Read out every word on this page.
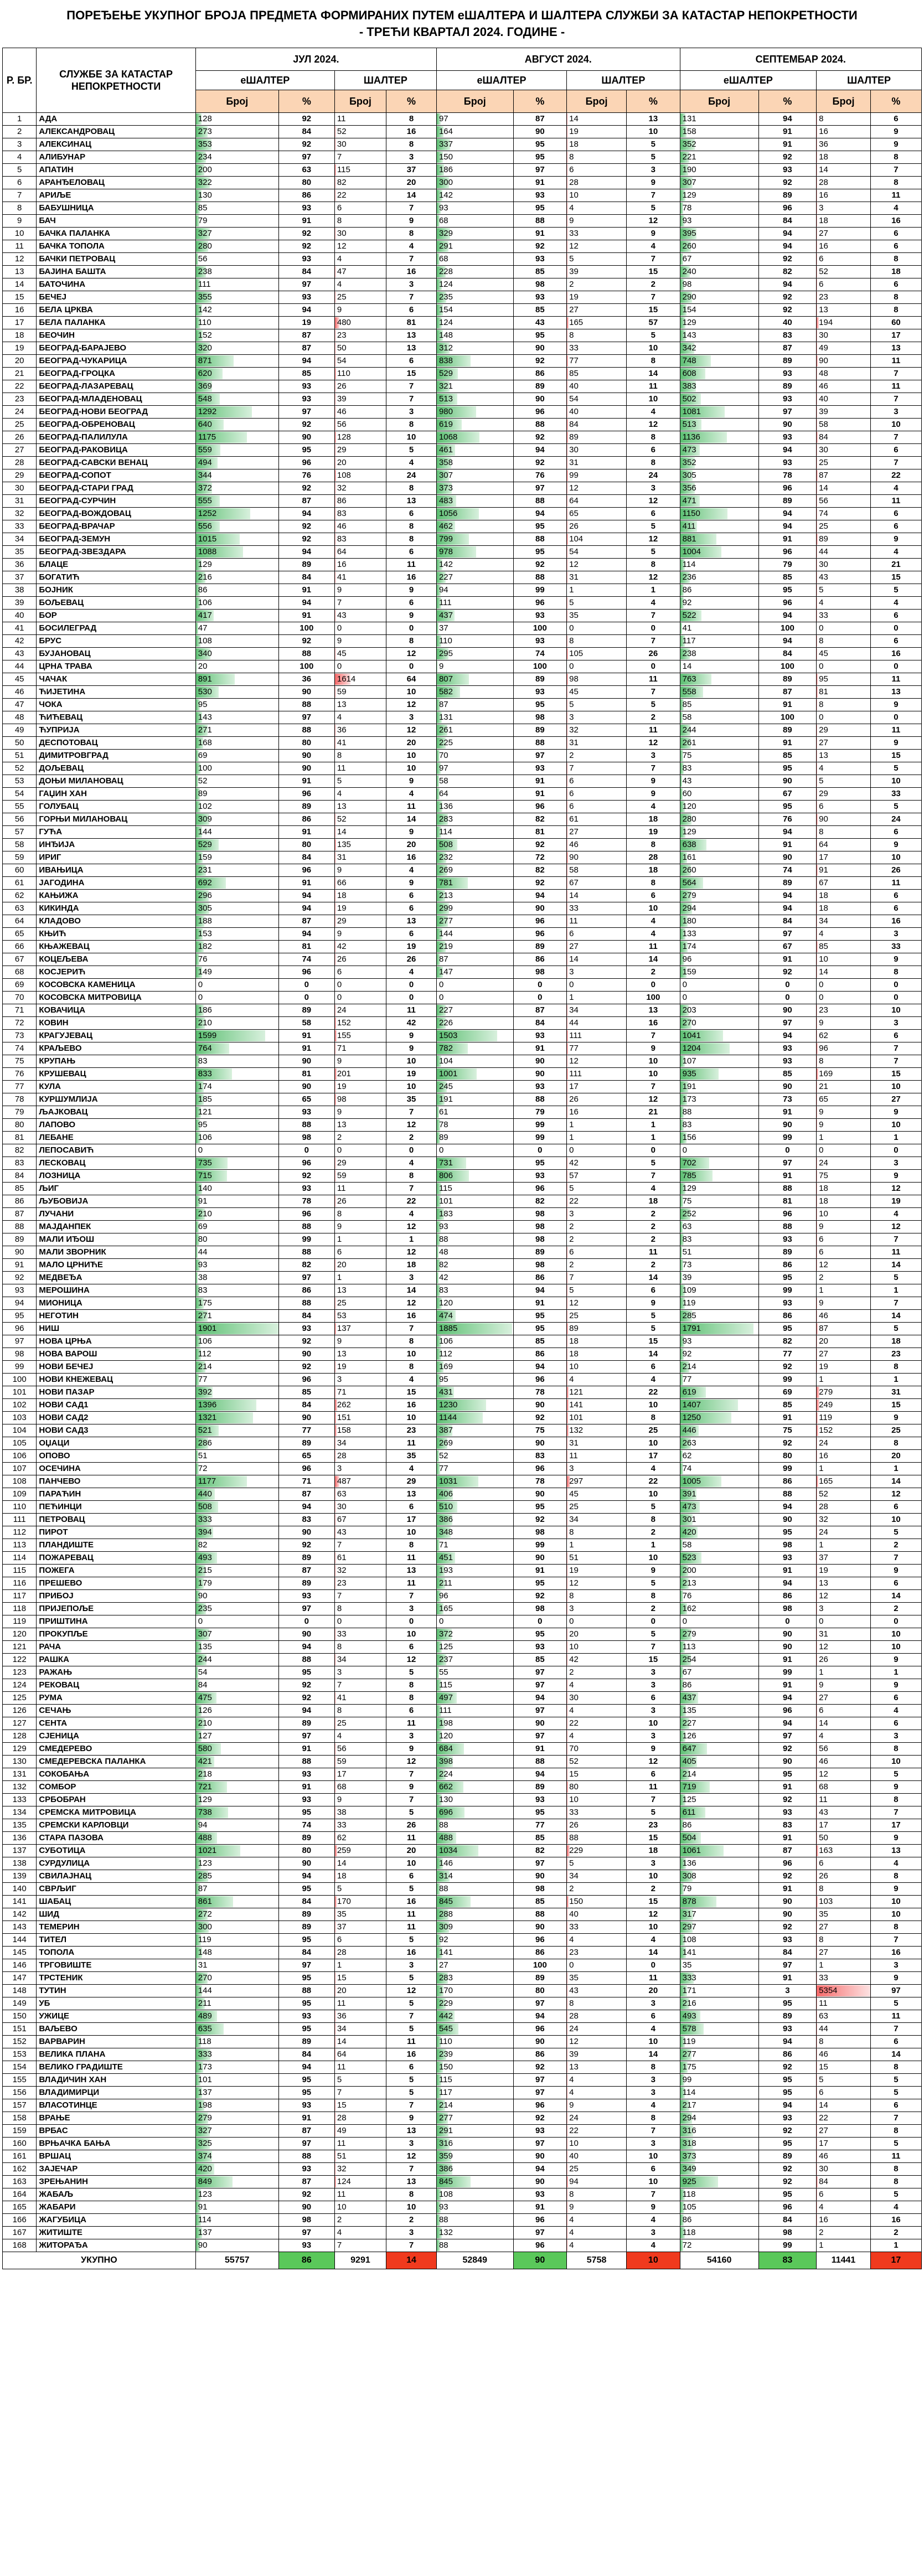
ПОРЕЂЕЊЕ УКУПНОГ БРОЈА ПРЕДМЕТА ФОРМИРАНИХ ПУТЕМ еШАЛТЕРА И ШАЛТЕРА СЛУЖБИ ЗА КАТАСТАР НЕПОКРЕТНОСТИ
- ТРЕЋИ КВАРТАЛ 2024. ГОДИНЕ -
Р. БР.	СЛУЖБЕ ЗА КАТАСТАР НЕПОКРЕТНОСТИ	ЈУЛ 2024.				АВГУСТ 2024.				СЕПТЕМБАР 2024.			
		еШАЛТЕР		ШАЛТЕР		еШАЛТЕР		ШАЛТЕР		еШАЛТЕР		ШАЛТЕР	
		Број	%	Број	%	Број	%	Број	%	Број	%	Број	%
1	АДА	128	92	11	8	97	87	14	13	131	94	8	6
2	АЛЕКСАНДРОВАЦ	273	84	52	16	164	90	19	10	158	91	16	9
3	АЛЕКСИНАЦ	353	92	30	8	337	95	18	5	352	91	36	9
4	АЛИБУНАР	234	97	7	3	150	95	8	5	221	92	18	8
5	АПАТИН	200	63	115	37	186	97	6	3	190	93	14	7
6	АРАНЂЕЛОВАЦ	322	80	82	20	300	91	28	9	307	92	28	8
7	АРИЉЕ	130	86	22	14	142	93	10	7	129	89	16	11
8	БАБУШНИЦА	85	93	6	7	93	95	4	5	78	96	3	4
9	БАЧ	79	91	8	9	68	88	9	12	93	84	18	16
10	БАЧКА ПАЛАНКА	327	92	30	8	329	91	33	9	395	94	27	6
11	БАЧКА ТОПОЛА	280	92	12	4	291	92	12	4	260	94	16	6
12	БАЧКИ ПЕТРОВАЦ	56	93	4	7	68	93	5	7	67	92	6	8
13	БАЈИНА БАШТА	238	84	47	16	228	85	39	15	240	82	52	18
14	БАТОЧИНА	111	97	4	3	124	98	2	2	98	94	6	6
15	БЕЧЕЈ	355	93	25	7	235	93	19	7	290	92	23	8
16	БЕЛА ЦРКВА	142	94	9	6	154	85	27	15	154	92	13	8
17	БЕЛА ПАЛАНКА	110	19	480	81	124	43	165	57	129	40	194	60
18	БЕОЧИН	152	87	23	13	148	95	8	5	143	83	30	17
19	БЕОГРАД-БАРАЈЕВО	320	87	50	13	312	90	33	10	342	87	49	13
20	БЕОГРАД-ЧУКАРИЦА	871	94	54	6	838	92	77	8	748	89	90	11
21	БЕОГРАД-ГРОЦКА	620	85	110	15	529	86	85	14	608	93	48	7
22	БЕОГРАД-ЛАЗАРЕВАЦ	369	93	26	7	321	89	40	11	383	89	46	11
23	БЕОГРАД-МЛАДЕНОВАЦ	548	93	39	7	513	90	54	10	502	93	40	7
24	БЕОГРАД-НОВИ БЕОГРАД	1292	97	46	3	980	96	40	4	1081	97	39	3
25	БЕОГРАД-ОБРЕНОВАЦ	640	92	56	8	619	88	84	12	513	90	58	10
26	БЕОГРАД-ПАЛИЛУЛА	1175	90	128	10	1068	92	89	8	1136	93	84	7
27	БЕОГРАД-РАКОВИЦА	559	95	29	5	461	94	30	6	473	94	30	6
28	БЕОГРАД-САВСКИ ВЕНАЦ	494	96	20	4	358	92	31	8	352	93	25	7
29	БЕОГРАД-СОПОТ	344	76	108	24	307	76	99	24	305	78	87	22
30	БЕОГРАД-СТАРИ ГРАД	372	92	32	8	373	97	12	3	356	96	14	4
31	БЕОГРАД-СУРЧИН	555	87	86	13	483	88	64	12	471	89	56	11
32	БЕОГРАД-ВОЖДОВАЦ	1252	94	83	6	1056	94	65	6	1150	94	74	6
33	БЕОГРАД-ВРАЧАР	556	92	46	8	462	95	26	5	411	94	25	6
34	БЕОГРАД-ЗЕМУН	1015	92	83	8	799	88	104	12	881	91	89	9
35	БЕОГРАД-ЗВЕЗДАРА	1088	94	64	6	978	95	54	5	1004	96	44	4
36	БЛАЦЕ	129	89	16	11	142	92	12	8	114	79	30	21
37	БОГАТИЋ	216	84	41	16	227	88	31	12	236	85	43	15
38	БОЈНИК	86	91	9	9	94	99	1	1	86	95	5	5
39	БОЉЕВАЦ	106	94	7	6	111	96	5	4	92	96	4	4
40	БОР	417	91	43	9	437	93	35	7	522	94	33	6
41	БОСИЛЕГРАД	47	100	0	0	37	100	0	0	41	100	0	0
42	БРУС	108	92	9	8	110	93	8	7	117	94	8	6
43	БУЈАНОВАЦ	340	88	45	12	295	74	105	26	238	84	45	16
44	ЦРНА ТРАВА	20	100	0	0	9	100	0	0	14	100	0	0
45	ЧАЧАК	891	36	1614	64	807	89	98	11	763	89	95	11
46	ЋИЈЕТИНА	530	90	59	10	582	93	45	7	558	87	81	13
47	ЧОКА	95	88	13	12	87	95	5	5	85	91	8	9
48	ЋИЋЕВАЦ	143	97	4	3	131	98	3	2	58	100	0	0
49	ЋУПРИЈА	271	88	36	12	261	89	32	11	244	89	29	11
50	ДЕСПОТОВАЦ	168	80	41	20	225	88	31	12	261	91	27	9
51	ДИМИТРОВГРАД	69	90	8	10	70	97	2	3	75	85	13	15
52	ДОЉЕВАЦ	100	90	11	10	97	93	7	7	83	95	4	5
53	ДОЊИ МИЛАНОВАЦ	52	91	5	9	58	91	6	9	43	90	5	10
54	ГАЏИН ХАН	89	96	4	4	64	91	6	9	60	67	29	33
55	ГОЛУБАЦ	102	89	13	11	136	96	6	4	120	95	6	5
56	ГОРЊИ МИЛАНОВАЦ	309	86	52	14	283	82	61	18	280	76	90	24
57	ГУЋА	144	91	14	9	114	81	27	19	129	94	8	6
58	ИНЂИЈА	529	80	135	20	508	92	46	8	638	91	64	9
59	ИРИГ	159	84	31	16	232	72	90	28	161	90	17	10
60	ИВАЊИЦА	231	96	9	4	269	82	58	18	260	74	91	26
61	ЈАГОДИНА	692	91	66	9	781	92	67	8	564	89	67	11
62	КАЊИЖА	296	94	18	6	213	94	14	6	279	94	18	6
63	КИКИНДА	305	94	19	6	299	90	33	10	294	94	18	6
64	КЛАДОВО	188	87	29	13	277	96	11	4	180	84	34	16
65	КЊИЋ	153	94	9	6	144	96	6	4	133	97	4	3
66	КЊАЖЕВАЦ	182	81	42	19	219	89	27	11	174	67	85	33
67	КОЦЕЉЕВА	76	74	26	26	87	86	14	14	96	91	10	9
68	КОСЈЕРИЋ	149	96	6	4	147	98	3	2	159	92	14	8
69	КОСОВСКА КАМЕНИЦА	0	0	0	0	0	0	0	0	0	0	0	0
70	КОСОВСКА МИТРОВИЦА	0	0	0	0	0	0	1	100	0	0	0	0
71	КОВАЧИЦА	186	89	24	11	227	87	34	13	203	90	23	10
72	КОВИН	210	58	152	42	226	84	44	16	270	97	9	3
73	КРАГУЈЕВАЦ	1599	91	155	9	1503	93	111	7	1041	94	62	6
74	КРАЉЕВО	764	91	71	9	782	91	77	9	1204	93	96	7
75	КРУПАЊ	83	90	9	10	104	90	12	10	107	93	8	7
76	КРУШЕВАЦ	833	81	201	19	1001	90	111	10	935	85	169	15
77	КУЛА	174	90	19	10	245	93	17	7	191	90	21	10
78	КУРШУМЛИЈА	185	65	98	35	191	88	26	12	173	73	65	27
79	ЉАЈКОВАЦ	121	93	9	7	61	79	16	21	88	91	9	9
80	ЛАПОВО	95	88	13	12	78	99	1	1	83	90	9	10
81	ЛЕБАНЕ	106	98	2	2	89	99	1	1	156	99	1	1
82	ЛЕПОСАВИЋ	0	0	0	0	0	0	0	0	0	0	0	0
83	ЛЕСКОВАЦ	735	96	29	4	731	95	42	5	702	97	24	3
84	ЛОЗНИЦА	715	92	59	8	806	93	57	7	785	91	75	9
85	ЉИГ	140	93	11	7	115	96	5	4	129	88	18	12
86	ЉУБОВИЈА	91	78	26	22	101	82	22	18	75	81	18	19
87	ЛУЧАНИ	210	96	8	4	183	98	3	2	252	96	10	4
88	МАЈДАНПЕК	69	88	9	12	93	98	2	2	63	88	9	12
89	МАЛИ ИЂОШ	80	99	1	1	88	98	2	2	83	93	6	7
90	МАЛИ ЗВОРНИК	44	88	6	12	48	89	6	11	51	89	6	11
91	МАЛО ЦРНИЋЕ	93	82	20	18	82	98	2	2	73	86	12	14
92	МЕДВЕЂА	38	97	1	3	42	86	7	14	39	95	2	5
93	МЕРОШИНА	83	86	13	14	83	94	5	6	109	99	1	1
94	МИОНИЦА	175	88	25	12	120	91	12	9	119	93	9	7
95	НЕГОТИН	271	84	53	16	474	95	25	5	285	86	46	14
96	НИШ	1901	93	137	7	1885	95	89	5	1791	95	87	5
97	НОВА ЦРЊА	106	92	9	8	106	85	18	15	93	82	20	18
98	НОВА ВАРОШ	112	90	13	10	112	86	18	14	92	77	27	23
99	НОВИ БЕЧЕЈ	214	92	19	8	169	94	10	6	214	92	19	8
100	НОВИ КНЕЖЕВАЦ	77	96	3	4	95	96	4	4	77	99	1	1
101	НОВИ ПАЗАР	392	85	71	15	431	78	121	22	619	69	279	31
102	НОВИ САД1	1396	84	262	16	1230	90	141	10	1407	85	249	15
103	НОВИ САД2	1321	90	151	10	1144	92	101	8	1250	91	119	9
104	НОВИ САД3	521	77	158	23	387	75	132	25	446	75	152	25
105	ОЏАЦИ	286	89	34	11	269	90	31	10	263	92	24	8
106	ОПОВО	51	65	28	35	52	83	11	17	62	80	16	20
107	ОСЕЧИНА	72	96	3	4	77	96	3	4	74	99	1	1
108	ПАНЧЕВО	1177	71	487	29	1031	78	297	22	1005	86	165	14
109	ПАРАЋИН	440	87	63	13	406	90	45	10	391	88	52	12
110	ПЕЋИНЦИ	508	94	30	6	510	95	25	5	473	94	28	6
111	ПЕТРОВАЦ	333	83	67	17	386	92	34	8	301	90	32	10
112	ПИРОТ	394	90	43	10	348	98	8	2	420	95	24	5
113	ПЛАНДИШТЕ	82	92	7	8	71	99	1	1	58	98	1	2
114	ПОЖАРЕВАЦ	493	89	61	11	451	90	51	10	523	93	37	7
115	ПОЖЕГА	215	87	32	13	193	91	19	9	200	91	19	9
116	ПРЕШЕВО	179	89	23	11	211	95	12	5	213	94	13	6
117	ПРИБОЈ	90	93	7	7	96	92	8	8	76	86	12	14
118	ПРИЈЕПОЉЕ	235	97	8	3	165	98	3	2	162	98	3	2
119	ПРИШТИНА	0	0	0	0	0	0	0	0	0	0	0	0
120	ПРОКУПЉЕ	307	90	33	10	372	95	20	5	279	90	31	10
121	РАЧА	135	94	8	6	125	93	10	7	113	90	12	10
122	РАШКА	244	88	34	12	237	85	42	15	254	91	26	9
123	РАЖАЊ	54	95	3	5	55	97	2	3	67	99	1	1
124	РЕКОВАЦ	84	92	7	8	115	97	4	3	86	91	9	9
125	РУМА	475	92	41	8	497	94	30	6	437	94	27	6
126	СЕЧАЊ	126	94	8	6	111	97	4	3	135	96	6	4
127	СЕНТА	210	89	25	11	198	90	22	10	227	94	14	6
128	СЈЕНИЦА	127	97	4	3	120	97	4	3	126	97	4	3
129	СМЕДЕРЕВО	580	91	56	9	684	91	70	9	647	92	56	8
130	СМЕДЕРЕВСКА ПАЛАНКА	421	88	59	12	398	88	52	12	405	90	46	10
131	СОКОБАЊА	218	93	17	7	224	94	15	6	214	95	12	5
132	СОМБОР	721	91	68	9	662	89	80	11	719	91	68	9
133	СРБОБРАН	129	93	9	7	130	93	10	7	125	92	11	8
134	СРЕМСКА МИТРОВИЦА	738	95	38	5	696	95	33	5	611	93	43	7
135	СРЕМСКИ КАРЛОВЦИ	94	74	33	26	88	77	26	23	86	83	17	17
136	СТАРА ПАЗОВА	488	89	62	11	488	85	88	15	504	91	50	9
137	СУБОТИЦА	1021	80	259	20	1034	82	229	18	1061	87	163	13
138	СУРДУЛИЦА	123	90	14	10	146	97	5	3	136	96	6	4
139	СВИЛАЈНАЦ	285	94	18	6	314	90	34	10	308	92	26	8
140	СВРЉИГ	87	95	5	5	88	98	2	2	79	91	8	9
141	ШАБАЦ	861	84	170	16	845	85	150	15	878	90	103	10
142	ШИД	272	89	35	11	288	88	40	12	317	90	35	10
143	ТЕМЕРИН	300	89	37	11	309	90	33	10	297	92	27	8
144	ТИТЕЛ	119	95	6	5	92	96	4	4	108	93	8	7
145	ТОПОЛА	148	84	28	16	141	86	23	14	141	84	27	16
146	ТРГОВИШТЕ	31	97	1	3	27	100	0	0	35	97	1	3
147	ТРСТЕНИК	270	95	15	5	283	89	35	11	333	91	33	9
148	ТУТИН	144	88	20	12	170	80	43	20	171	3	5354	97
149	УБ	211	95	11	5	229	97	8	3	216	95	11	5
150	УЖИЦЕ	489	93	36	7	442	94	28	6	493	89	63	11
151	ВАЉЕВО	635	95	34	5	545	96	24	4	578	93	44	7
152	ВАРВАРИН	118	89	14	11	110	90	12	10	119	94	8	6
153	ВЕЛИКА ПЛАНА	333	84	64	16	239	86	39	14	277	86	46	14
154	ВЕЛИКО ГРАДИШТЕ	173	94	11	6	150	92	13	8	175	92	15	8
155	ВЛАДИЧИН ХАН	101	95	5	5	115	97	4	3	99	95	5	5
156	ВЛАДИМИРЦИ	137	95	7	5	117	97	4	3	114	95	6	5
157	ВЛАСОТИНЦЕ	198	93	15	7	214	96	9	4	217	94	14	6
158	ВРАЊЕ	279	91	28	9	277	92	24	8	294	93	22	7
159	ВРБАС	327	87	49	13	291	93	22	7	316	92	27	8
160	ВРЊАЧКА БАЊА	325	97	11	3	316	97	10	3	318	95	17	5
161	ВРШАЦ	374	88	51	12	359	90	40	10	373	89	46	11
162	ЗАЈЕЧАР	420	93	32	7	386	94	25	6	349	92	30	8
163	ЗРЕЊАНИН	849	87	124	13	845	90	94	10	925	92	84	8
164	ЖАБАЉ	123	92	11	8	108	93	8	7	118	95	6	5
165	ЖАБАРИ	91	90	10	10	93	91	9	9	105	96	4	4
166	ЖАГУБИЦА	114	98	2	2	88	96	4	4	86	84	16	16
167	ЖИТИШТЕ	137	97	4	3	132	97	4	3	118	98	2	2
168	ЖИТОРАЂА	90	93	7	7	88	96	4	4	72	99	1	1
УКУПНО		55757	86	9291	14	52849	90	5758	10	54160	83	11441	17
